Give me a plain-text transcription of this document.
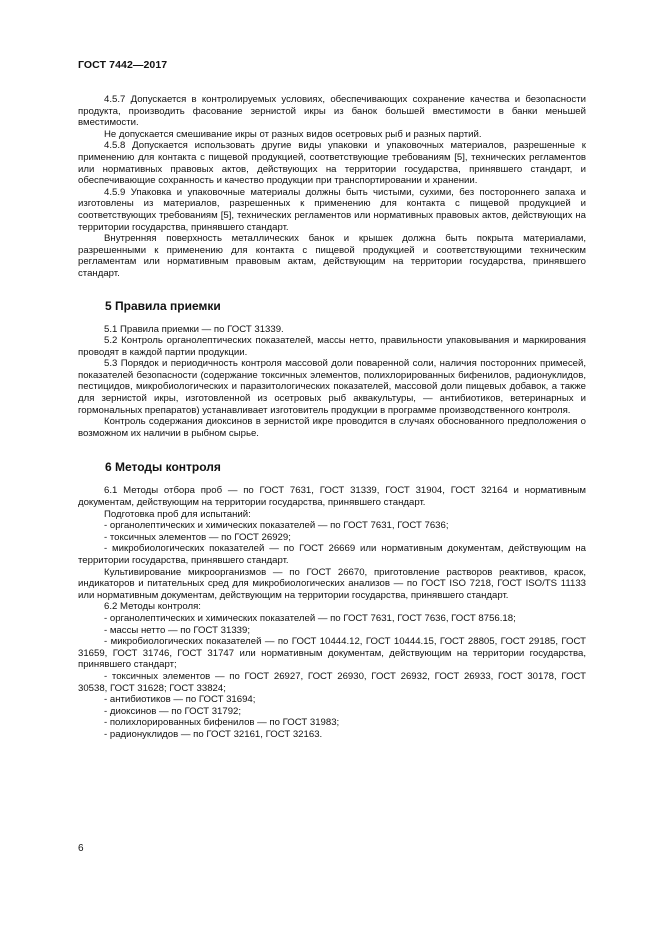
ГОСТ 7442—2017

4.5.7 Допускается в контролируемых условиях, обеспечивающих сохранение качества и безопасности продукта, производить фасование зернистой икры из банок большей вместимости в банки меньшей вместимости.

Не допускается смешивание икры от разных видов осетровых рыб и разных партий.

4.5.8 Допускается использовать другие виды упаковки и упаковочных материалов, разрешенные к применению для контакта с пищевой продукцией, соответствующие требованиям [5], технических регламентов или нормативных правовых актов, действующих на территории государства, принявшего стандарт, и обеспечивающие сохранность и качество продукции при транспортировании и хранении.

4.5.9 Упаковка и упаковочные материалы должны быть чистыми, сухими, без постороннего запаха и изготовлены из материалов, разрешенных к применению для контакта с пищевой продукцией и соответствующих требованиям [5], технических регламентов или нормативных правовых актов, действующих на территории государства, принявшего стандарт.

Внутренняя поверхность металлических банок и крышек должна быть покрыта материалами, разрешенными к применению для контакта с пищевой продукцией и соответствующими техническим регламентам или нормативным правовым актам, действующим на территории государства, принявшего стандарт.

5 Правила приемки

5.1 Правила приемки — по ГОСТ 31339.

5.2 Контроль органолептических показателей, массы нетто, правильности упаковывания и маркирования проводят в каждой партии продукции.

5.3 Порядок и периодичность контроля массовой доли поваренной соли, наличия посторонних примесей, показателей безопасности (содержание токсичных элементов, полихлорированных бифенилов, радионуклидов, пестицидов, микробиологических и паразитологических показателей, массовой доли пищевых добавок, а также для зернистой икры, изготовленной из осетровых рыб аквакультуры, — антибиотиков, ветеринарных и гормональных препаратов) устанавливает изготовитель продукции в программе производственного контроля.

Контроль содержания диоксинов в зернистой икре проводится в случаях обоснованного предположения о возможном их наличии в рыбном сырье.

6 Методы контроля

6.1 Методы отбора проб — по ГОСТ 7631, ГОСТ 31339, ГОСТ 31904, ГОСТ 32164 и нормативным документам, действующим на территории государства, принявшего стандарт.

Подготовка проб для испытаний:

- органолептических и химических показателей — по ГОСТ 7631, ГОСТ 7636;

- токсичных элементов — по ГОСТ 26929;

- микробиологических показателей — по ГОСТ 26669 или нормативным документам, действующим на территории государства, принявшего стандарт.

Культивирование микроорганизмов — по ГОСТ 26670, приготовление растворов реактивов, красок, индикаторов и питательных сред для микробиологических анализов — по ГОСТ ISO 7218, ГОСТ ISO/TS 11133 или нормативным документам, действующим на территории государства, принявшего стандарт.

6.2 Методы контроля:

- органолептических и химических показателей — по ГОСТ 7631, ГОСТ 7636, ГОСТ 8756.18;

- массы нетто — по ГОСТ 31339;

- микробиологических показателей — по ГОСТ 10444.12, ГОСТ 10444.15, ГОСТ 28805, ГОСТ 29185, ГОСТ 31659, ГОСТ 31746, ГОСТ 31747 или нормативным документам, действующим на территории государства, принявшего стандарт;

- токсичных элементов — по ГОСТ 26927, ГОСТ 26930, ГОСТ 26932, ГОСТ 26933, ГОСТ 30178, ГОСТ 30538, ГОСТ 31628; ГОСТ 33824;

- антибиотиков — по ГОСТ 31694;

- диоксинов — по ГОСТ 31792;

- полихлорированных бифенилов — по ГОСТ 31983;

- радионуклидов — по ГОСТ 32161, ГОСТ 32163.

6
